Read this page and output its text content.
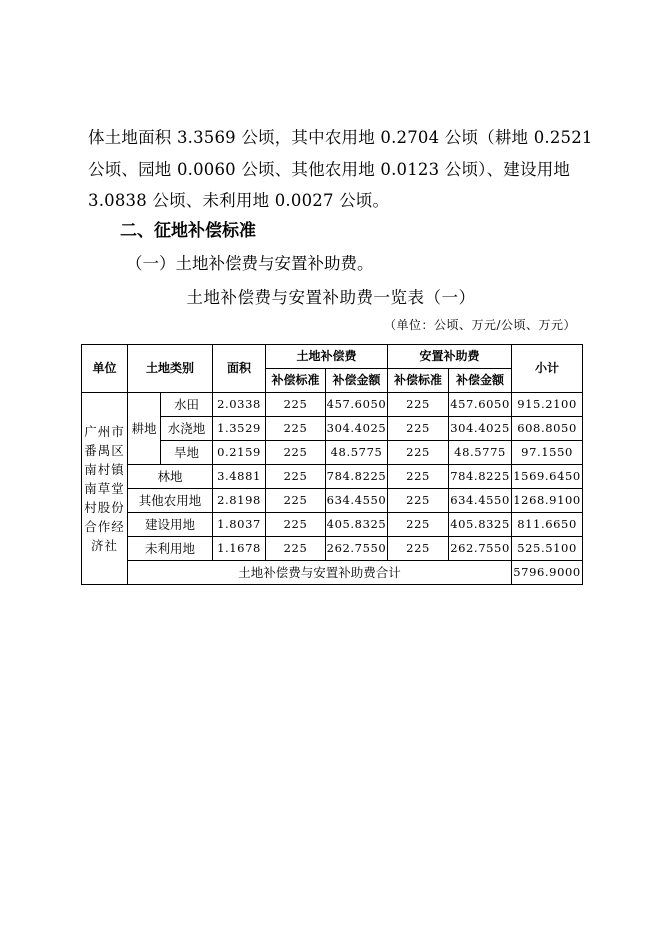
体土地面积 3.3569 公顷，其中农用地 0.2704 公顷（耕地 0.2521
公顷、园地 0.0060 公顷、其他农用地 0.0123 公顷）、建设用地
3.0838 公顷、未利用地 0.0027 公顷。
二、征地补偿标准
（一）土地补偿费与安置补助费。
土地补偿费与安置补助费一览表（一）
（单位：公顷、万元/公顷、万元）
单位	土地类别		面积	土地补偿费		安置补助费		小计
				补偿标准	补偿金额	补偿标准	补偿金额	
广州市番禺区南村镇南草堂村股份合作经济社	耕地	水田	2.0338	225	457.6050	225	457.6050	915.2100
		水浇地	1.3529	225	304.4025	225	304.4025	608.8050
		旱地	0.2159	225	48.5775	225	48.5775	97.1550
	林地		3.4881	225	784.8225	225	784.8225	1569.6450
	其他农用地		2.8198	225	634.4550	225	634.4550	1268.9100
	建设用地		1.8037	225	405.8325	225	405.8325	811.6650
	未利用地		1.1678	225	262.7550	225	262.7550	525.5100
	土地补偿费与安置补助费合计							5796.9000
